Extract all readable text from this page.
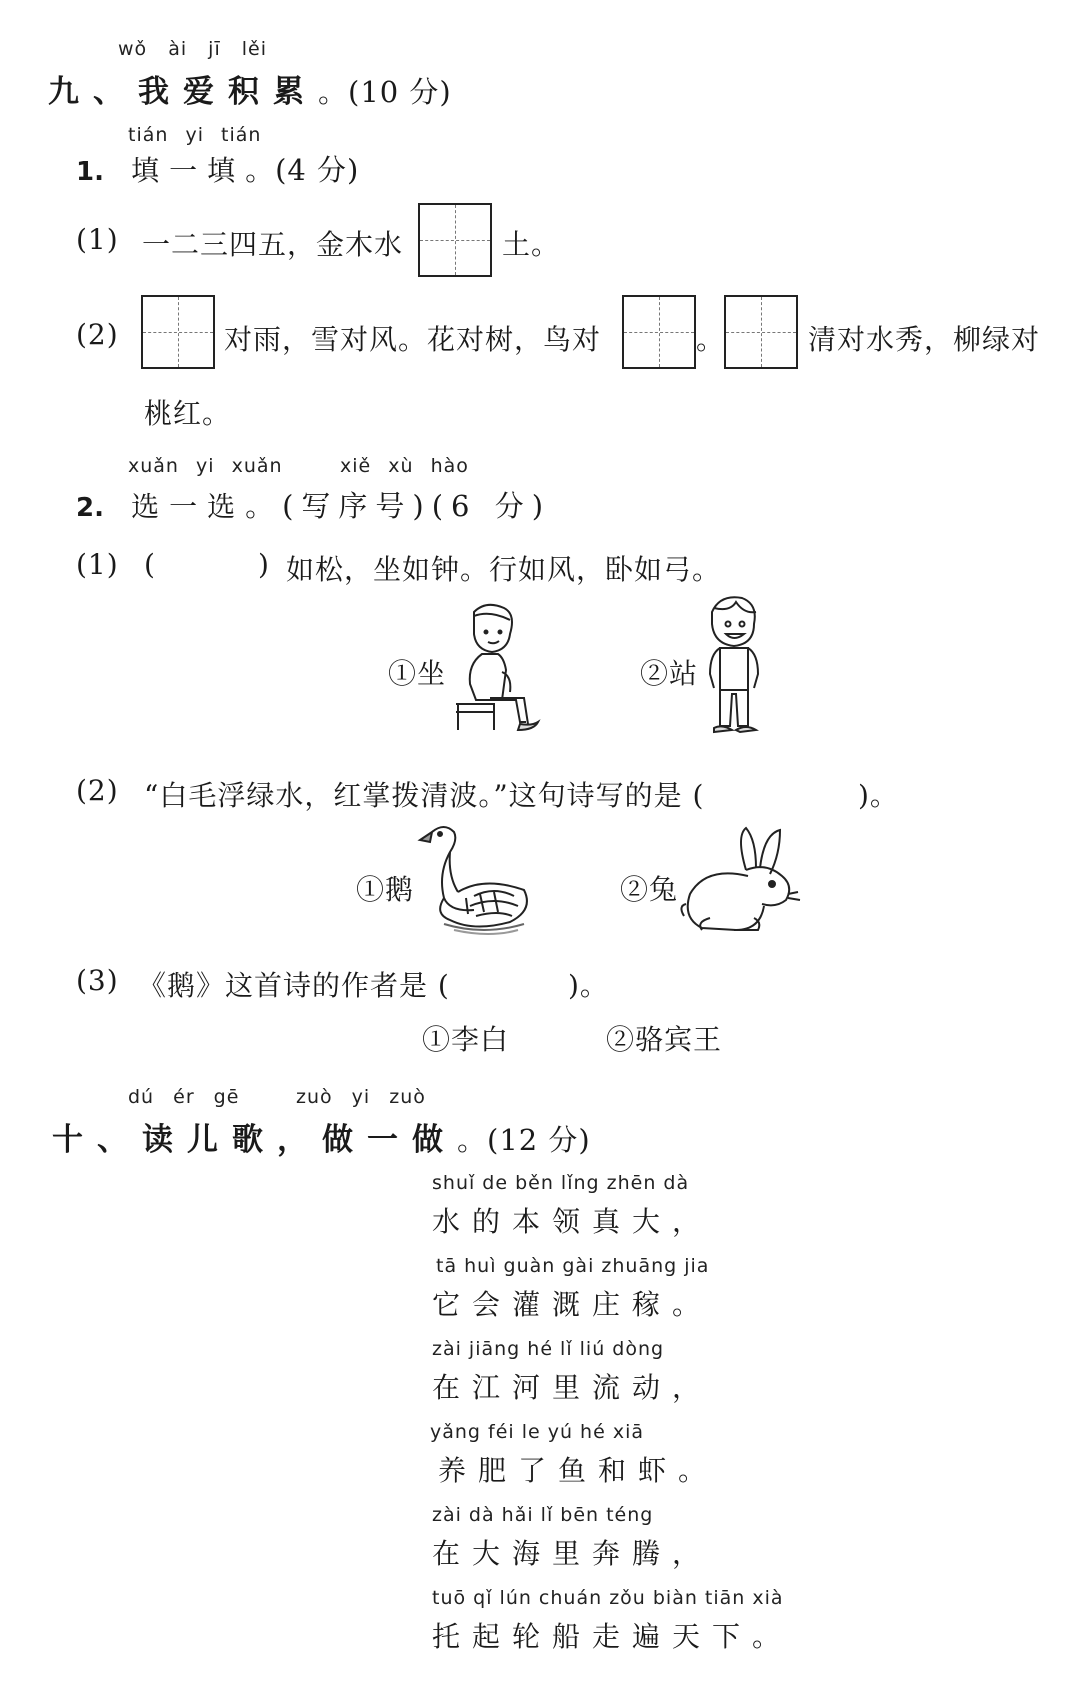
wǒ ài jī lěi
九、我爱积累。(10 分)
tián yi tián
1. 填一填。(4 分)
(1) 一二三四五，金木水	土。
(2)	对雨，雪对风。花对树，鸟对	。	清对水秀，柳绿对
桃红。
xuǎn yi xuǎn	xiě xù hào
2. 选一选。(写序号)(6 分)
(1) (	) 如松，坐如钟。行如风，卧如弓。
①坐	②站
(2) “白毛浮绿水，红掌拨清波。”这句诗写的是 (	)。
①鹅	②兔
(3) 《鹅》这首诗的作者是 (	)。
①李白	②骆宾王
dú ér gē	zuò yi zuò
十、读儿歌，做一做。(12 分)
shuǐ de běn lǐng zhēn dà
水的本领真大，
tā huì guàn gài zhuāng jia
它会灌溉庄稼。
zài jiāng hé lǐ liú dòng
在江河里流动，
yǎng féi le yú hé xiā
养肥了鱼和虾。
zài dà hǎi lǐ bēn téng
在大海里奔腾，
tuō qǐ lún chuán zǒu biàn tiān xià
托起轮船走遍天下。
